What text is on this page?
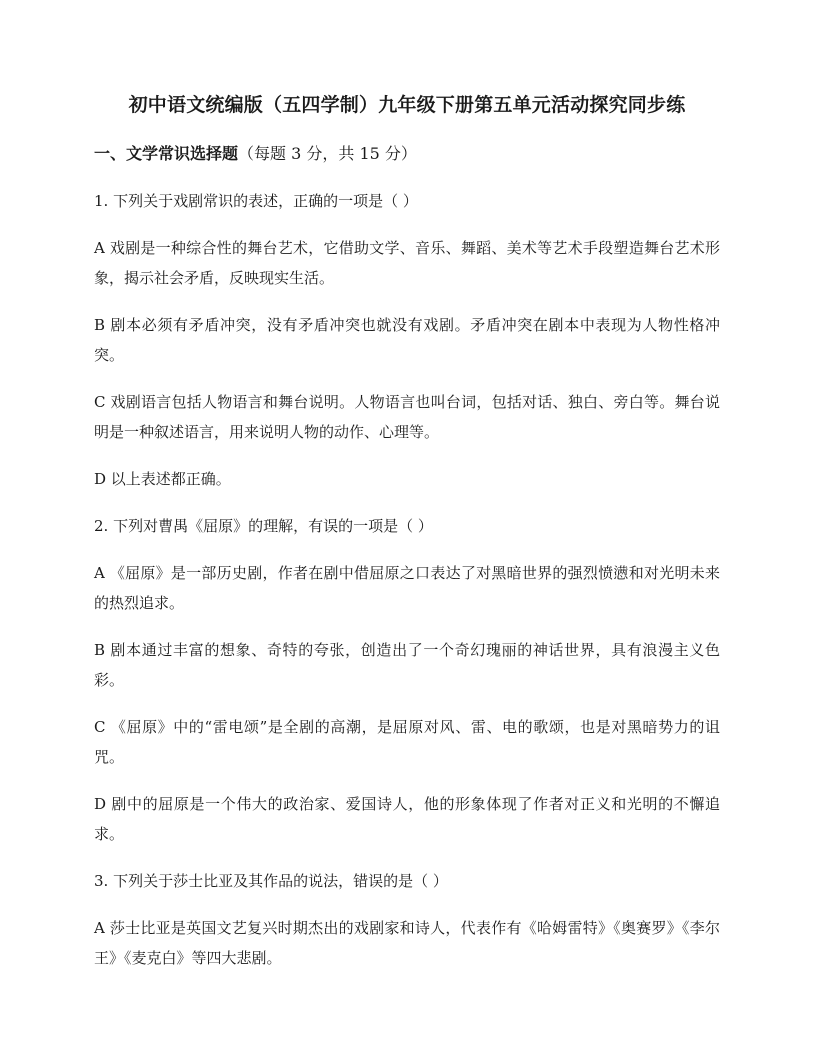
初中语文统编版（五四学制）九年级下册第五单元活动探究同步练
一、文学常识选择题（每题 3 分，共 15 分）

1. 下列关于戏剧常识的表述，正确的一项是（ ）

A 戏剧是一种综合性的舞台艺术，它借助文学、音乐、舞蹈、美术等艺术手段塑造舞台艺术形象，揭示社会矛盾，反映现实生活。

B 剧本必须有矛盾冲突，没有矛盾冲突也就没有戏剧。矛盾冲突在剧本中表现为人物性格冲突。

C 戏剧语言包括人物语言和舞台说明。人物语言也叫台词，包括对话、独白、旁白等。舞台说明是一种叙述语言，用来说明人物的动作、心理等。

D 以上表述都正确。

2. 下列对曹禺《屈原》的理解，有误的一项是（ ）

A 《屈原》是一部历史剧，作者在剧中借屈原之口表达了对黑暗世界的强烈愤懑和对光明未来的热烈追求。

B 剧本通过丰富的想象、奇特的夸张，创造出了一个奇幻瑰丽的神话世界，具有浪漫主义色彩。

C 《屈原》中的“雷电颂”是全剧的高潮，是屈原对风、雷、电的歌颂，也是对黑暗势力的诅咒。

D 剧中的屈原是一个伟大的政治家、爱国诗人，他的形象体现了作者对正义和光明的不懈追求。

3. 下列关于莎士比亚及其作品的说法，错误的是（ ）

A 莎士比亚是英国文艺复兴时期杰出的戏剧家和诗人，代表作有《哈姆雷特》《奥赛罗》《李尔王》《麦克白》等四大悲剧。
